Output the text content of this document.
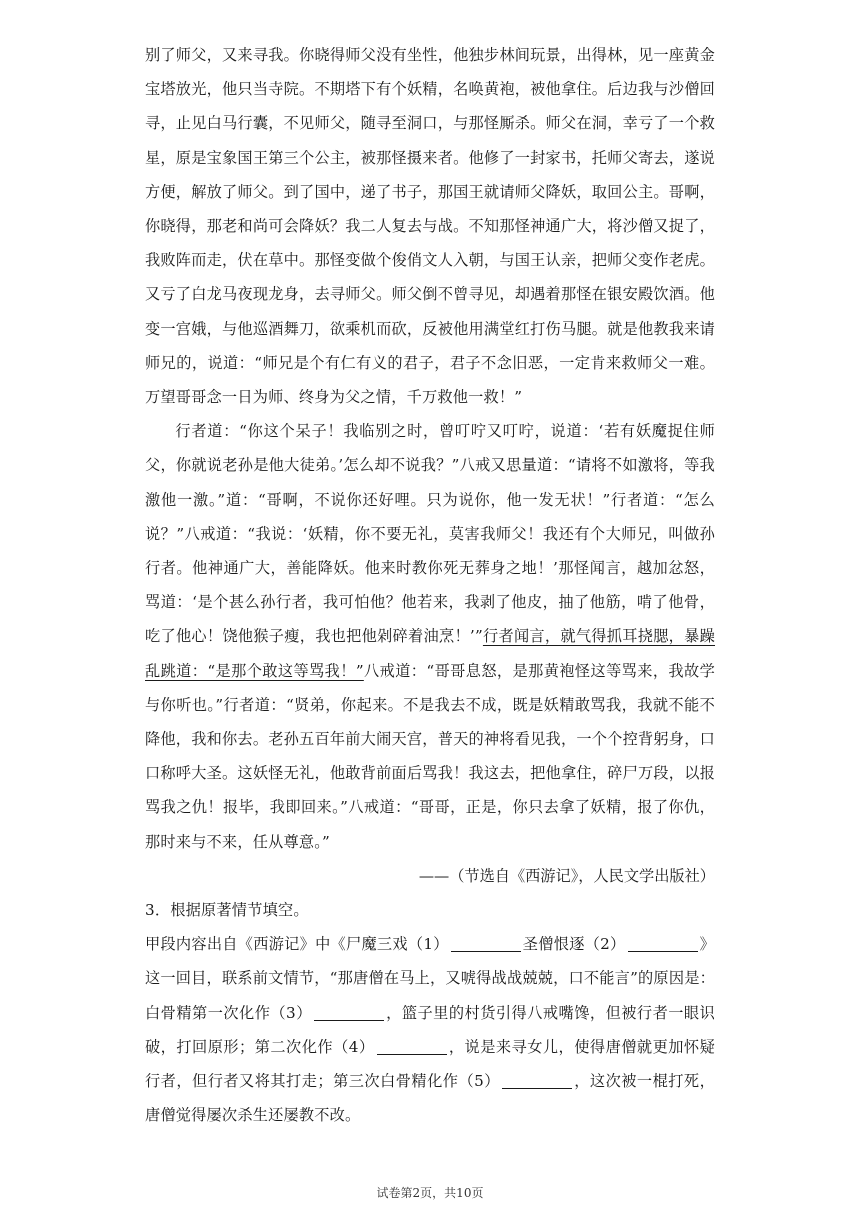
别了师父，又来寻我。你晓得师父没有坐性，他独步林间玩景，出得林，见一座黄金宝塔放光，他只当寺院。不期塔下有个妖精，名唤黄袍，被他拿住。后边我与沙僧回寻，止见白马行囊，不见师父，随寻至洞口，与那怪厮杀。师父在洞，幸亏了一个救星，原是宝象国王第三个公主，被那怪摄来者。他修了一封家书，托师父寄去，遂说方便，解放了师父。到了国中，递了书子，那国王就请师父降妖，取回公主。哥啊，你晓得，那老和尚可会降妖？我二人复去与战。不知那怪神通广大，将沙僧又捉了，我败阵而走，伏在草中。那怪变做个俊俏文人入朝，与国王认亲，把师父变作老虎。又亏了白龙马夜现龙身，去寻师父。师父倒不曾寻见，却遇着那怪在银安殿饮酒。他变一宫娥，与他巡酒舞刀，欲乘机而砍，反被他用满堂红打伤马腿。就是他教我来请师兄的，说道：“师兄是个有仁有义的君子，君子不念旧恶，一定肯来救师父一难。万望哥哥念一日为师、终身为父之情，千万救他一救！”

行者道：“你这个呆子！我临别之时，曾叮咛又叮咛，说道：‘若有妖魔捉住师父，你就说老孙是他大徒弟。’怎么却不说我？”八戒又思量道：“请将不如激将，等我激他一激。”道：“哥啊，不说你还好哩。只为说你，他一发无状！”行者道：“怎么说？”八戒道：“我说：‘妖精，你不要无礼，莫害我师父！我还有个大师兄，叫做孙行者。他神通广大，善能降妖。他来时教你死无葬身之地！’那怪闻言，越加忿怒，骂道：‘是个甚么孙行者，我可怕他？他若来，我剥了他皮，抽了他筋，啃了他骨，吃了他心！饶他猴子瘦，我也把他剁碎着油烹！’”行者闻言，就气得抓耳挠腮，暴躁乱跳道：“是那个敢这等骂我！”八戒道：“哥哥息怒，是那黄袍怪这等骂来，我故学与你听也。”行者道：“贤弟，你起来。不是我去不成，既是妖精敢骂我，我就不能不降他，我和你去。老孙五百年前大闹天宫，普天的神将看见我，一个个控背躬身，口口称呼大圣。这妖怪无礼，他敢背前面后骂我！我这去，把他拿住，碎尸万段，以报骂我之仇！报毕，我即回来。”八戒道：“哥哥，正是，你只去拿了妖精，报了你仇，那时来与不来，任从尊意。”

——（节选自《西游记》，人民文学出版社）

3．根据原著情节填空。

甲段内容出自《西游记》中《尸魔三戏（1）	圣僧恨逐（2）	》这一回目，联系前文情节，“那唐僧在马上，又唬得战战兢兢，口不能言”的原因是：白骨精第一次化作（3）	，篮子里的村货引得八戒嘴馋，但被行者一眼识破，打回原形；第二次化作（4）	，说是来寻女儿，使得唐僧就更加怀疑行者，但行者又将其打走；第三次白骨精化作（5）	，这次被一棍打死，唐僧觉得屡次杀生还屡教不改。

试卷第2页，共10页
